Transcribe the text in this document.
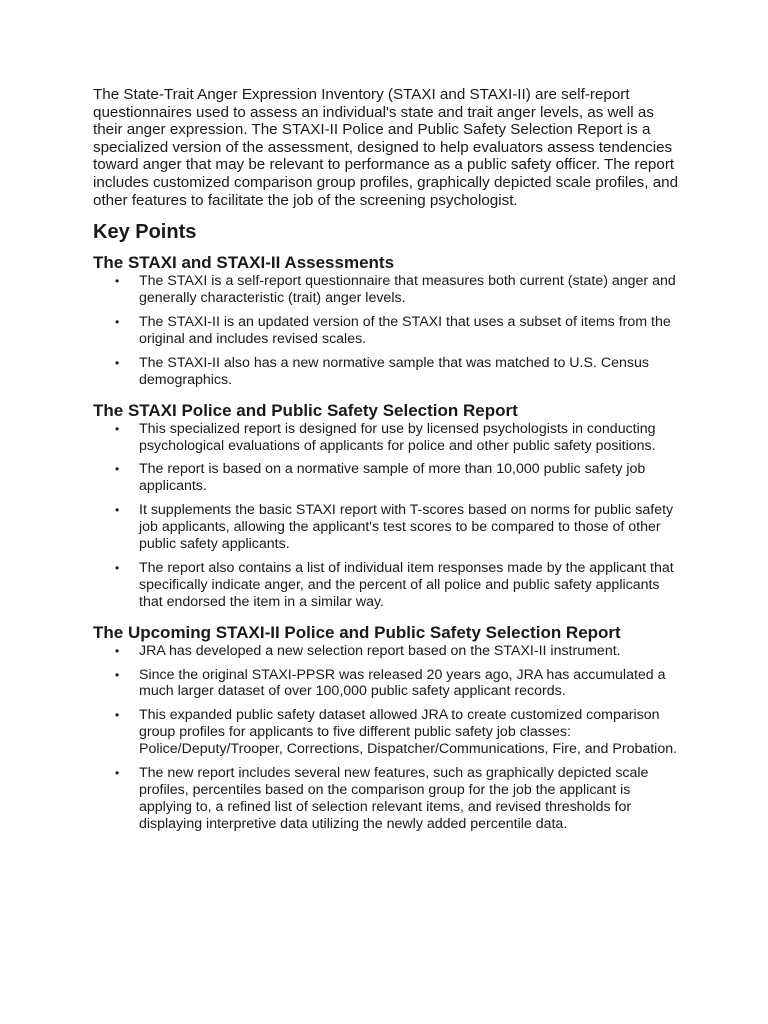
The State-Trait Anger Expression Inventory (STAXI and STAXI-II) are self-report questionnaires used to assess an individual's state and trait anger levels, as well as their anger expression. The STAXI-II Police and Public Safety Selection Report is a specialized version of the assessment, designed to help evaluators assess tendencies toward anger that may be relevant to performance as a public safety officer. The report includes customized comparison group profiles, graphically depicted scale profiles, and other features to facilitate the job of the screening psychologist.

Key Points
The STAXI and STAXI-II Assessments
• The STAXI is a self-report questionnaire that measures both current (state) anger and generally characteristic (trait) anger levels.
• The STAXI-II is an updated version of the STAXI that uses a subset of items from the original and includes revised scales.
• The STAXI-II also has a new normative sample that was matched to U.S. Census demographics.
The STAXI Police and Public Safety Selection Report
• This specialized report is designed for use by licensed psychologists in conducting psychological evaluations of applicants for police and other public safety positions.
• The report is based on a normative sample of more than 10,000 public safety job applicants.
• It supplements the basic STAXI report with T-scores based on norms for public safety job applicants, allowing the applicant's test scores to be compared to those of other public safety applicants.
• The report also contains a list of individual item responses made by the applicant that specifically indicate anger, and the percent of all police and public safety applicants that endorsed the item in a similar way.
The Upcoming STAXI-II Police and Public Safety Selection Report
• JRA has developed a new selection report based on the STAXI-II instrument.
• Since the original STAXI-PPSR was released 20 years ago, JRA has accumulated a much larger dataset of over 100,000 public safety applicant records.
• This expanded public safety dataset allowed JRA to create customized comparison group profiles for applicants to five different public safety job classes: Police/Deputy/Trooper, Corrections, Dispatcher/Communications, Fire, and Probation.
• The new report includes several new features, such as graphically depicted scale profiles, percentiles based on the comparison group for the job the applicant is applying to, a refined list of selection relevant items, and revised thresholds for displaying interpretive data utilizing the newly added percentile data.
